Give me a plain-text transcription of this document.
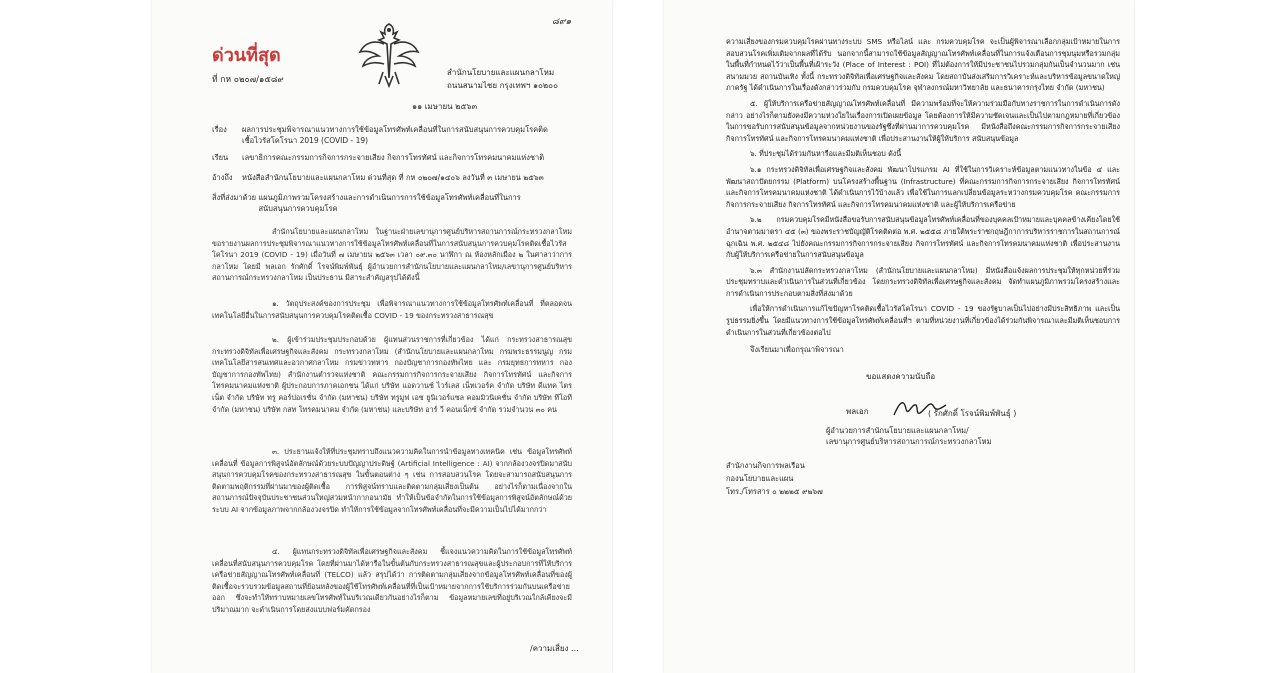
๘๙๑
ด่วนที่สุด
ที่ กห ๐๒๐๗/๑๕๘๙
สำนักนโยบายและแผนกลาโหม
ถนนสนามไชย กรุงเทพฯ ๑๐๒๐๐
๑๑ เมษายน ๒๕๖๓
เรื่อง ผลการประชุมพิจารณาแนวทางการใช้ข้อมูลโทรศัพท์เคลื่อนที่ในการสนับสนุนการควบคุมโรคติดเชื้อไวรัสโคโรนา 2019 (COVID - 19)
เรียน เลขาธิการคณะกรรมการกิจการกระจายเสียง กิจการโทรทัศน์ และกิจการโทรคมนาคมแห่งชาติ
อ้างถึง หนังสือสำนักนโยบายและแผนกลาโหม ด่วนที่สุด ที่ กห ๐๒๐๗/๑๔๐๖ ลงวันที่ ๓ เมษายน ๒๕๖๓
สิ่งที่ส่งมาด้วย แผนภูมิภาพรวมโครงสร้างและการดำเนินการการใช้ข้อมูลโทรศัพท์เคลื่อนที่ในการสนับสนุนการควบคุมโรค
สำนักนโยบายและแผนกลาโหม ในฐานะฝ่ายเลขานุการศูนย์บริหารสถานการณ์กระทรวงกลาโหม ขอรายงานผลการประชุมพิจารณาแนวทางการใช้ข้อมูลโทรศัพท์เคลื่อนที่ในการสนับสนุนการควบคุมโรคติดเชื้อไวรัสโคโรนา 2019 (COVID - 19) เมื่อวันที่ ๗ เมษายน ๒๕๖๓ เวลา ๐๙.๓๐ นาฬิกา ณ ห้องหลักเมือง ๒ ในศาลาว่าการกลาโหม โดยมี พลเอก รักศักดิ์ โรจน์พิมพ์พันธุ์ ผู้อำนวยการสำนักนโยบายและแผนกลาโหม/เลขานุการศูนย์บริหารสถานการณ์กระทรวงกลาโหม เป็นประธาน มีสาระสำคัญสรุปได้ดังนี้
๑. วัตถุประสงค์ของการประชุม เพื่อพิจารณาแนวทางการใช้ข้อมูลโทรศัพท์เคลื่อนที่ ที่ตลอดจนเทคโนโลยีอื่นในการสนับสนุนการควบคุมโรคติดเชื้อ COVID - 19 ของกระทรวงสาธารณสุข
๒. ผู้เข้าร่วมประชุมประกอบด้วย ผู้แทนส่วนราชการที่เกี่ยวข้อง ได้แก่ กระทรวงสาธารณสุข กระทรวงดิจิทัลเพื่อเศรษฐกิจและสังคม กระทรวงกลาโหม (สำนักนโยบายและแผนกลาโหม กรมพระธรรมนูญ กรมเทคโนโลยีสารสนเทศและอวกาศกลาโหม กรมข่าวทหาร กองบัญชาการกองทัพไทย และ กรมยุทธการทหาร กองบัญชาการกองทัพไทย) สำนักงานตำรวจแห่งชาติ คณะกรรมการกิจการกระจายเสียง กิจการโทรทัศน์ และกิจการโทรคมนาคมแห่งชาติ ผู้ประกอบการภาคเอกชน ได้แก่ บริษัท แอดวานซ์ ไวร์เลส เน็ทเวอร์ค จำกัด บริษัท ดีแทค ไตรเน็ต จำกัด บริษัท ทรู คอร์ปอเรชั่น จำกัด (มหาชน) บริษัท ทรูมูฟ เอช ยูนิเวอร์แซล คอมมิวนิเคชั่น จำกัด บริษัท ทีโอที จำกัด (มหาชน) บริษัท กสท โทรคมนาคม จำกัด (มหาชน) และบริษัท อาร์ วี คอนเน็กซ์ จำกัด รวมจำนวน ๓๐ คน
๓. ประธานแจ้งให้ที่ประชุมทราบถึงแนวความคิดในการนำข้อมูลทางเทคนิค เช่น ข้อมูลโทรศัพท์เคลื่อนที่ ข้อมูลการพิสูจน์อัตลักษณ์ด้วยระบบปัญญาประดิษฐ์ (Artificial Intelligence : AI) จากกล้องวงจรปิดมาสนับสนุนการควบคุมโรคของกระทรวงสาธารณสุข ในขั้นตอนต่าง ๆ เช่น การสอบสวนโรค โดยจะสามารถสนับสนุนการติดตามพฤติกรรมที่ผ่านมาของผู้ติดเชื้อ การพิสูจน์ทราบและติดตามกลุ่มเสี่ยงเป็นต้น อย่างไรก็ตามเนื่องจากในสถานการณ์ปัจจุบันประชาชนส่วนใหญ่สวมหน้ากากอนามัย ทำให้เป็นข้อจำกัดในการใช้ข้อมูลการพิสูจน์อัตลักษณ์ด้วยระบบ AI จากข้อมูลภาพจากกล้องวงจรปิด ทำให้การใช้ข้อมูลจากโทรศัพท์เคลื่อนที่จะมีความเป็นไปได้มากกว่า
๔. ผู้แทนกระทรวงดิจิทัลเพื่อเศรษฐกิจและสังคม ชี้แจงแนวความคิดในการใช้ข้อมูลโทรศัพท์เคลื่อนที่สนับสนุนการควบคุมโรค โดยที่ผ่านมาได้หารือในขั้นต้นกับกระทรวงสาธารณสุขและผู้ประกอบการที่ให้บริการเครือข่ายสัญญาณโทรศัพท์เคลื่อนที่ (TELCO) แล้ว สรุปได้ว่า การติดตามกลุ่มเสี่ยงจากข้อมูลโทรศัพท์เคลื่อนที่ของผู้ติดเชื้อจะรวบรวมข้อมูลสถานที่ย้อนหลังของผู้ใช้โทรศัพท์เคลื่อนที่ที่เป็นเป้าหมายจากการใช้บริการร่วมกันบนเครือข่าย ออก ซึ่งจะทำให้ทราบหมายเลขโทรศัพท์ในบริเวณเดียวกันอย่างไรก็ตาม ข้อมูลหมายเลขที่อยู่บริเวณใกล้เคียงจะมีปริมาณมาก จะดำเนินการโดยส่งแบบฟอร์มคัดกรอง
/ความเสี่ยง ...
ความเสี่ยงของกรมควบคุมโรคผ่านทางระบบ SMS หรือไลน์ และ กรมควบคุมโรค จะเป็นผู้พิจารณาเลือกกลุ่มเป้าหมายในการสอบสวนโรคเพิ่มเติมจากผลที่ได้รับ นอกจากนี้สามารถใช้ข้อมูลสัญญาณโทรศัพท์เคลื่อนที่ในการแจ้งเตือนการชุมนุมหรือรวมกลุ่มในพื้นที่กำหนดไว้ว่าเป็นพื้นที่เฝ้าระวัง (Place of Interest : POI) ที่ไม่ต้องการให้มีประชาชนไปรวมกลุ่มกันเป็นจำนวนมาก เช่น สนามมวย สถานบันเทิง ทั้งนี้ กระทรวงดิจิทัลเพื่อเศรษฐกิจและสังคม โดยสถาบันส่งเสริมการวิเคราะห์และบริหารข้อมูลขนาดใหญ่ภาครัฐ ได้ดำเนินการในเรื่องดังกล่าวร่วมกับ กรมควบคุมโรค จุฬาลงกรณ์มหาวิทยาลัย และธนาคารกรุงไทย จำกัด (มหาชน)
๕. ผู้ให้บริการเครือข่ายสัญญาณโทรศัพท์เคลื่อนที่ มีความพร้อมที่จะให้ความร่วมมือกับทางราชการในการดำเนินการดังกล่าว อย่างไรก็ตามยังคงมีความห่วงใยในเรื่องการเปิดเผยข้อมูล โดยต้องการให้มีความชัดเจนและเป็นไปตามกฎหมายที่เกี่ยวข้องในการขอรับการสนับสนุนข้อมูลจากหน่วยงานของรัฐซึ่งที่ผ่านมาการควบคุมโรค มีหนังสือถึงคณะกรรมการกิจการกระจายเสียง กิจการโทรทัศน์ และกิจการโทรคมนาคมแห่งชาติ เพื่อประสานงานให้ผู้ให้บริการ สนับสนุนข้อมูล
๖. ที่ประชุมได้ร่วมกันหารือและมีมติเห็นชอบ ดังนี้
๖.๑ กระทรวงดิจิทัลเพื่อเศรษฐกิจและสังคม พัฒนาโปรแกรม AI ที่ใช้ในการวิเคราะห์ข้อมูลตามแนวทางในข้อ ๔ และพัฒนาสถาปัตยกรรม (Platform) บนโครงสร้างพื้นฐาน (Infrastructure) ที่คณะกรรมการกิจการกระจายเสียง กิจการโทรทัศน์ และกิจการโทรคมนาคมแห่งชาติ ได้ดำเนินการไว้บ้างแล้ว เพื่อใช้ในการแลกเปลี่ยนข้อมูลระหว่างกรมควบคุมโรค คณะกรรมการกิจการกระจายเสียง กิจการโทรทัศน์ และกิจการโทรคมนาคมแห่งชาติ และผู้ให้บริการเครือข่าย
๖.๒ กรมควบคุมโรคมีหนังสือขอรับการสนับสนุนข้อมูลโทรศัพท์เคลื่อนที่ของบุคคลเป้าหมายและบุคคลข้างเคียงโดยใช้อำนาจตามมาตรา ๔๕ (๓) ของพระราชบัญญัติโรคติดต่อ พ.ศ. ๒๕๕๘ ภายใต้พระราชกฤษฎีกาการบริหารราชการในสถานการณ์ฉุกเฉิน พ.ศ. ๒๕๔๘ ไปยังคณะกรรมการกิจการกระจายเสียง กิจการโทรทัศน์ และกิจการโทรคมนาคมแห่งชาติ เพื่อประสานงานกับผู้ให้บริการเครือข่ายในการสนับสนุนข้อมูล
๖.๓ สำนักงานปลัดกระทรวงกลาโหม (สำนักนโยบายและแผนกลาโหม) มีหนังสือแจ้งผลการประชุมให้ทุกหน่วยที่ร่วมประชุมทราบและดำเนินการในส่วนที่เกี่ยวข้อง โดยกระทรวงดิจิทัลเพื่อเศรษฐกิจและสังคม จัดทำแผนภูมิภาพรวมโครงสร้างและการดำเนินการประกอบตามสิ่งที่ส่งมาด้วย
เพื่อให้การดำเนินการแก้ไขปัญหาโรคติดเชื้อไวรัสโคโรนา COVID - 19 ของรัฐบาลเป็นไปอย่างมีประสิทธิภาพ และเป็นรูปธรรมยิ่งขึ้น โดยมีแนวทางการใช้ข้อมูลโทรศัพท์เคลื่อนที่ฯ ตามที่หน่วยงานที่เกี่ยวข้องได้ร่วมกันพิจารณาและมีมติเห็นชอบการดำเนินการในส่วนที่เกี่ยวข้องต่อไป
จึงเรียนมาเพื่อกรุณาพิจารณา
ขอแสดงความนับถือ
พลเอก	( รักศักดิ์ โรจน์พิมพ์พันธุ์ )
ผู้อำนวยการสำนักนโยบายและแผนกลาโหม/
เลขานุการศูนย์บริหารสถานการณ์กระทรวงกลาโหม
สำนักงานกิจการพลเรือน
กองนโยบายและแผน
โทร./โทรสาร ๐ ๒๒๒๕ ๙๒๖๗
